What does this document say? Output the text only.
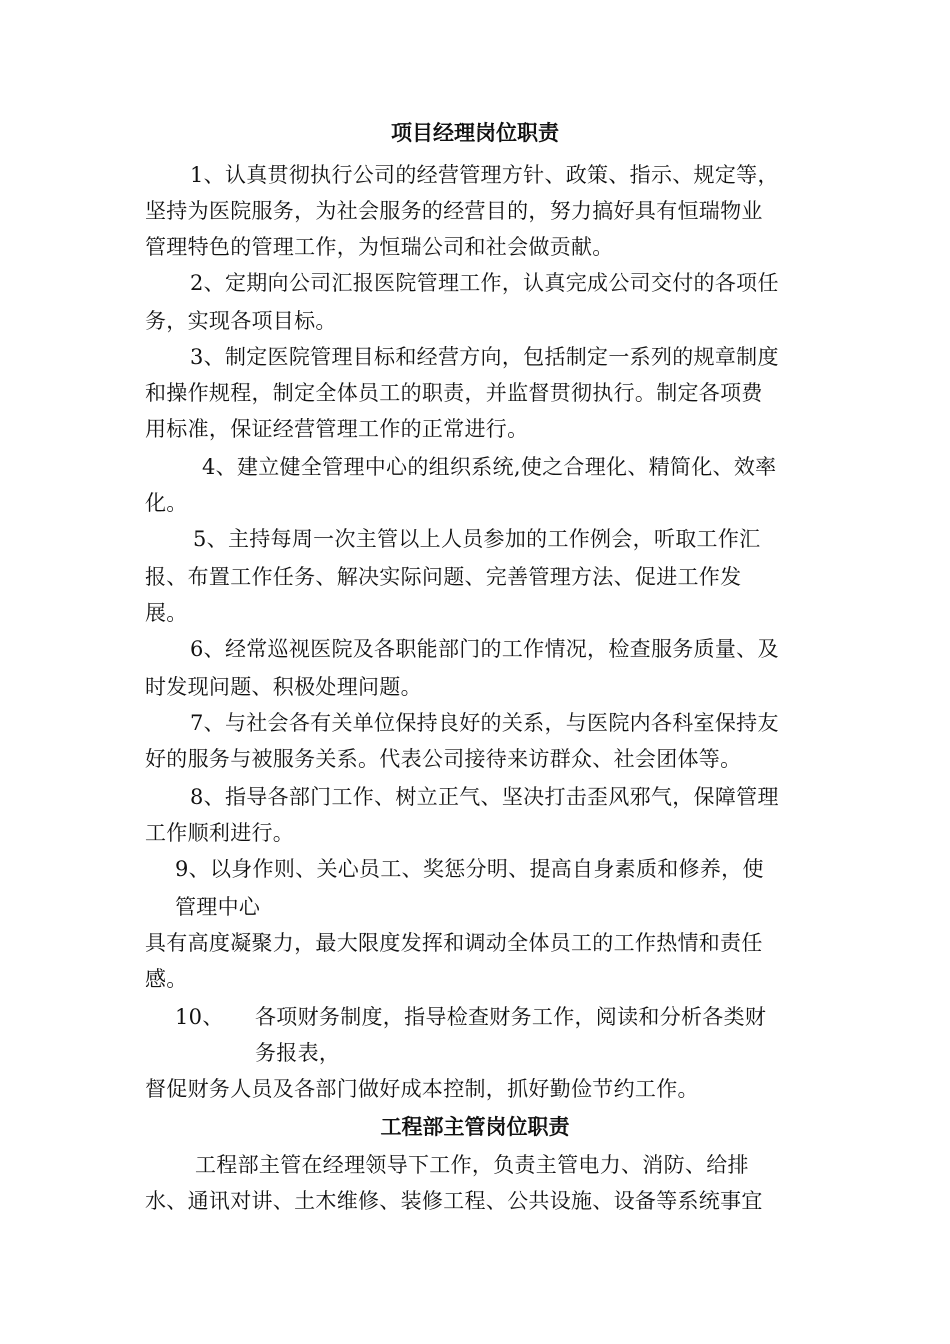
项目经理岗位职责

1、认真贯彻执行公司的经营管理方针、政策、指示、规定等，

坚持为医院服务，为社会服务的经营目的，努力搞好具有恒瑞物业

管理特色的管理工作，为恒瑞公司和社会做贡献。

2、定期向公司汇报医院管理工作，认真完成公司交付的各项任

务，实现各项目标。

3、制定医院管理目标和经营方向，包括制定一系列的规章制度

和操作规程，制定全体员工的职责，并监督贯彻执行。制定各项费

用标准，保证经营管理工作的正常进行。

4、建立健全管理中心的组织系统,使之合理化、精简化、效率

化。

5、主持每周一次主管以上人员参加的工作例会，听取工作汇

报、布置工作任务、解决实际问题、完善管理方法、促进工作发

展。

6、经常巡视医院及各职能部门的工作情况，检查服务质量、及

时发现问题、积极处理问题。

7、与社会各有关单位保持良好的关系，与医院内各科室保持友

好的服务与被服务关系。代表公司接待来访群众、社会团体等。

8、指导各部门工作、树立正气、坚决打击歪风邪气，保障管理

工作顺利进行。

9、以身作则、关心员工、奖惩分明、提高自身素质和修养，使

管理中心

具有高度凝聚力，最大限度发挥和调动全体员工的工作热情和责任

感。

10、 各项财务制度，指导检查财务工作，阅读和分析各类财

务报表，

督促财务人员及各部门做好成本控制，抓好勤俭节约工作。

工程部主管岗位职责

工程部主管在经理领导下工作，负责主管电力、消防、给排

水、通讯对讲、土木维修、装修工程、公共设施、设备等系统事宜
